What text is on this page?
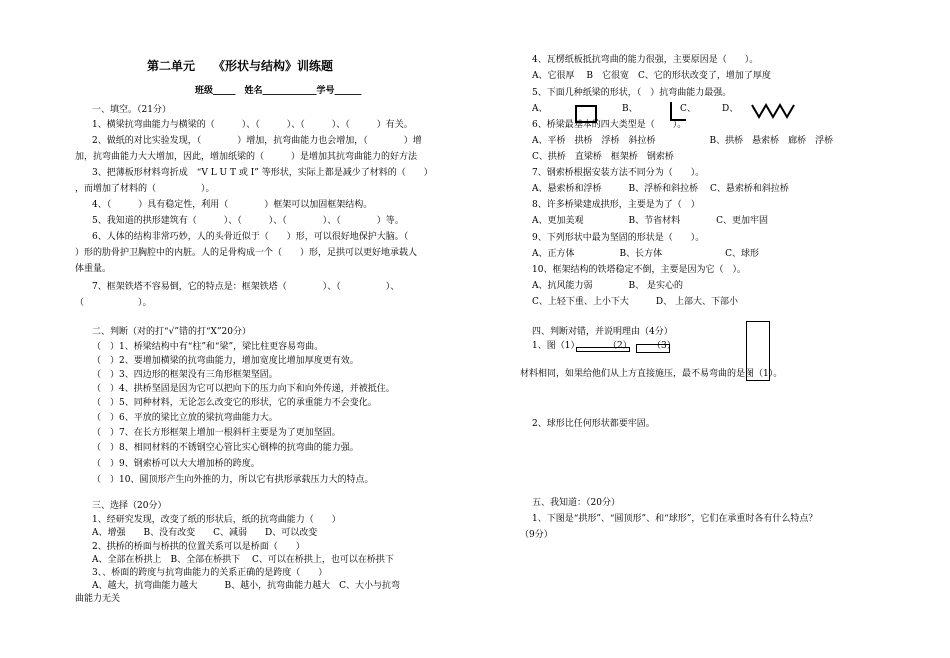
第二单元　　《形状与结构》训练题
班级_____　姓名____________学号______
一、填空。（21分）
1、横梁抗弯曲能力与横梁的（　　　）、（　　　）、（　　　）、（　　　）有关。
2、做纸的对比实验发现，（　　　　）增加，抗弯曲能力也会增加，（　　　　）增
加，抗弯曲能力大大增加，因此，增加纸梁的（　　　）是增加其抗弯曲能力的好方法
3、把薄板形材料弯折成　“V L U T 或 I” 等形状，实际上都是减少了材料的（　　）
，而增加了材料的（　　　　　）。
4、（　　　）具有稳定性，利用（　　　　）框架可以加固框架结构。
5、我知道的拱形建筑有（　　　）、（　　　）、（　　　　）、（　　　　）等。
6、人体的结构非常巧妙，人的头骨近似于（　　）形，可以很好地保护大脑。（
）形的肋骨护卫胸腔中的内脏。人的足骨构成一个（　　）形，足拱可以更好地承载人
体重量。
7、框架铁塔不容易倒，它的特点是：框架铁塔（　　　　）、（　　　　　）、
（　　　　　　）。
二、判断（对的打“√”错的打“X”20分）
（　）1、桥梁结构中有“柱”和“梁”，梁比柱更容易弯曲。
（　）2、要增加横梁的抗弯曲能力，增加宽度比增加厚度更有效。
（　）3、四边形的框架没有三角形框架坚固。
（　）4、拱桥坚固是因为它可以把向下的压力向下和向外传递，并被抵住。
（　）5、同种材料，无论怎么改变它的形状，它的承重能力不会变化。
（　）6、平放的梁比立放的梁抗弯曲能力大。
（　）7、在长方形框架上增加一根斜杆主要是为了更加坚固。
（　）8、相同材料的不锈钢空心管比实心钢棒的抗弯曲的能力强。
（　）9、钢索桥可以大大增加桥的跨度。
（　）10、圆顶形产生向外推的力，所以它有拱形承载压力大的特点。
三、选择（20分）
1、经研究发现，改变了纸的形状后，纸的抗弯曲能力（　　）
A、增强　　B、没有改变　　C、减弱　　D、可以改变
2、拱桥的桥面与桥拱的位置关系可以是桥面（　　）
A、全部在桥拱上　B、全部在桥拱下　 C、可以在桥拱上，也可以在桥拱下
3、、桥面的跨度与抗弯曲能力的关系正确的是跨度（　　）
A、越大，抗弯曲能力越大　　　B、越小，抗弯曲能力越大　C、大小与抗弯
曲能力无关
4、瓦楞纸板抵抗弯曲的能力很强，主要原因是（　　）。
A、它很厚　 B　它很宽　C、它的形状改变了，增加了厚度
5、下面几种纸梁的形状，（　）抗弯曲能力最强。
A、	B、	C、	D、
6、桥梁最基本的四大类型是（　　）。
A、平桥　拱桥　浮桥　斜拉桥　　　　　　B、拱桥　悬索桥　廊桥　浮桥
C、拱桥　直梁桥　框架桥　钢索桥
7、钢索桥根据安装方法不同分为（　　）。
A、悬索桥和浮桥　　　B、浮桥和斜拉桥　 C、悬索桥和斜拉桥
8、许多桥梁建成拱形，主要是为了（　）
A、更加美观　　　　　B、节省材料　　　　C、更加牢固
9、下列形状中最为坚固的形状是（　　）。
A、正方体　　　　　B、长方体　　　　　　　C、球形
10、框架结构的铁塔稳定不倒，主要是因为它（　）。
A、抗风能力弱　　　　B、 是实心的
C、上轻下重、上小下大　　　D、 上部大、下部小
四、判断对错，并说明理由（4分）
1、图（1）	（2） （3）
材料相同，如果给他们从上方直接施压，最不易弯曲的是图（1）。
2、球形比任何形状都要牢固。
五、我知道：（20分）
1、下图是“拱形”、“圆顶形”、和“球形”，它们在承重时各有什么特点？
（9分）
